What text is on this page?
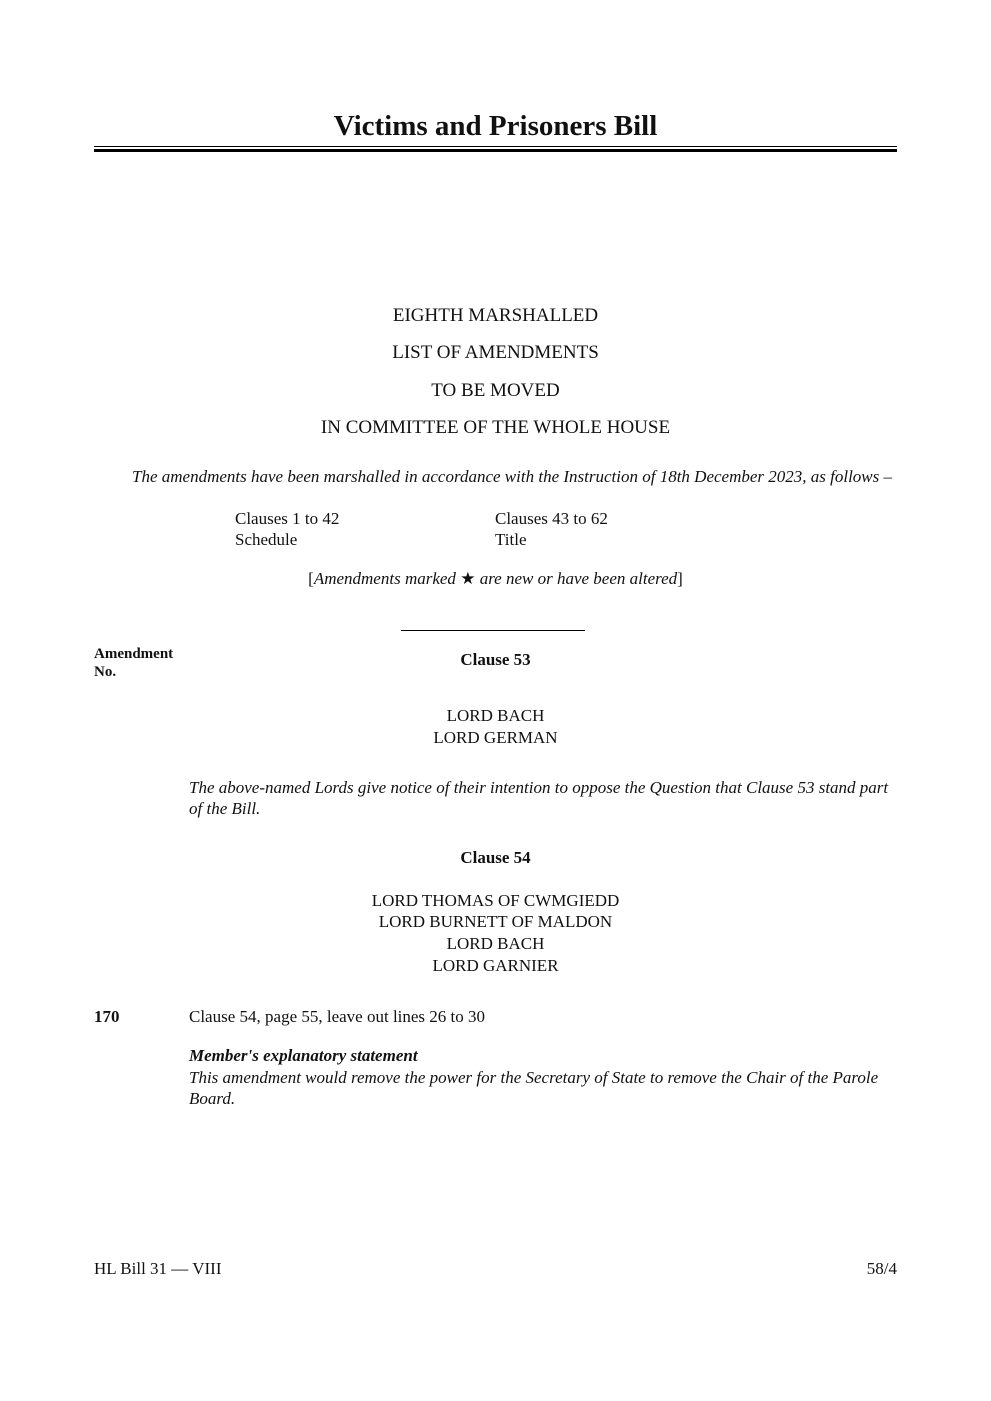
Victims and Prisoners Bill
EIGHTH MARSHALLED
LIST OF AMENDMENTS
TO BE MOVED
IN COMMITTEE OF THE WHOLE HOUSE
The amendments have been marshalled in accordance with the Instruction of 18th December 2023, as follows –
Clauses 1 to 42	Clauses 43 to 62
Schedule	Title
[Amendments marked ★ are new or have been altered]
Amendment
No.
Clause 53
LORD BACH
LORD GERMAN
The above-named Lords give notice of their intention to oppose the Question that Clause 53 stand part of the Bill.
Clause 54
LORD THOMAS OF CWMGIEDD
LORD BURNETT OF MALDON
LORD BACH
LORD GARNIER
170	Clause 54, page 55, leave out lines 26 to 30
Member's explanatory statement
This amendment would remove the power for the Secretary of State to remove the Chair of the Parole Board.
HL Bill 31 — VIII	58/4
